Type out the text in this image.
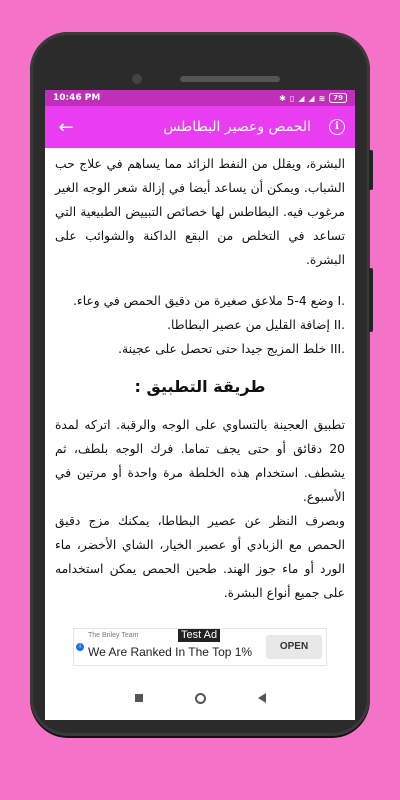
10:46 PM	✱ ▯ ◢ ◢ ≋	79
←	الحمص وعصير البطاطس	i

البشرة، ويقلل من النفط الزائد مما يساهم في علاج حب الشباب. ويمكن أن يساعد أيضا في إزالة شعر الوجه الغير مرغوب فيه. البطاطس لها خصائص التبييض الطبيعية التي تساعد في التخلص من البقع الداكنة والشوائب على البشرة.

.I وضع 4-5 ملاعق صغيرة من دقيق الحمص في وعاء.

.II إضافة القليل من عصير البطاطا.

.III خلط المزيج جيدا حتى تحصل على عجينة.

طريقة التطبيق :

تطبيق العجينة بالتساوي على الوجه والرقبة. اتركه لمدة 20 دقائق أو حتى يجف تماما. فرك الوجه بلطف، ثم يشطف. استخدام هذه الخلطة مرة واحدة أو مرتين في الأسبوع.

وبصرف النظر عن عصير البطاطا، يمكنك مزج دقيق الحمص مع الزبادي أو عصير الخيار، الشاي الأخضر، ماء الورد أو ماء جوز الهند. طحين الحمص يمكن استخدامه على جميع أنواع البشرة.

i
The Briley Team	Test Ad
We Are Ranked In The Top 1%	OPEN
